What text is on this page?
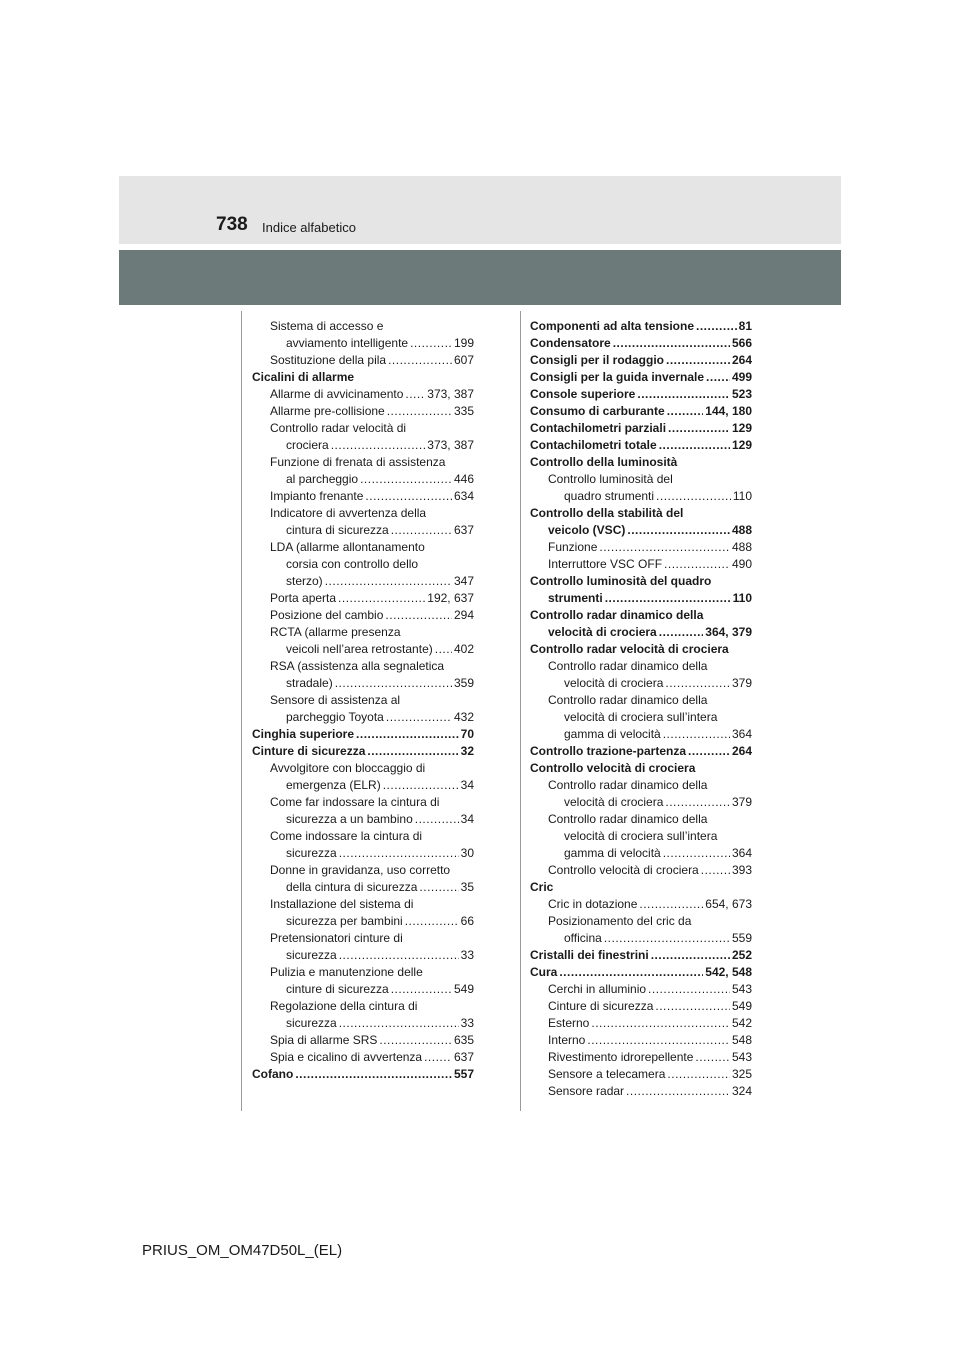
738 Indice alfabetico
Sistema di accesso e
avviamento intelligente .....	199
Sostituzione della pila .....	607
Cicalini di allarme
Allarme di avvicinamento ..... 373, 387
Allarme pre-collisione .....	335
Controllo radar velocità di
crociera .....	373, 387
Funzione di frenata di assistenza
al parcheggio .....	446
Impianto frenante .....	634
Indicatore di avvertenza della
cintura di sicurezza .....	637
LDA (allarme allontanamento
corsia con controllo dello
sterzo) .....	347
Porta aperta .....	192, 637
Posizione del cambio .....	294
RCTA (allarme presenza
veicoli nell’area retrostante) ..... 402
RSA (assistenza alla segnaletica
stradale) .....	359
Sensore di assistenza al
parcheggio Toyota .....	432
Cinghia superiore .....	70
Cinture di sicurezza .....	32
Avvolgitore con bloccaggio di
emergenza (ELR) .....	34
Come far indossare la cintura di
sicurezza a un bambino .....	34
Come indossare la cintura di
sicurezza .....	30
Donne in gravidanza, uso corretto
della cintura di sicurezza .....	35
Installazione del sistema di
sicurezza per bambini .....	66
Pretensionatori cinture di
sicurezza .....	33
Pulizia e manutenzione delle
cinture di sicurezza .....	549
Regolazione della cintura di
sicurezza .....	33
Spia di allarme SRS .....	635
Spia e cicalino di avvertenza .....	637
Cofano .....	557
Componenti ad alta tensione .....	81
Condensatore .....	566
Consigli per il rodaggio .....	264
Consigli per la guida invernale ..... 499
Console superiore .....	523
Consumo di carburante .....	144, 180
Contachilometri parziali .....	129
Contachilometri totale .....	129
Controllo della luminosità
Controllo luminosità del
quadro strumenti .....	110
Controllo della stabilità del
veicolo (VSC) .....	488
Funzione .....	488
Interruttore VSC OFF .....	490
Controllo luminosità del quadro
strumenti .....	110
Controllo radar dinamico della
velocità di crociera .....	364, 379
Controllo radar velocità di crociera
Controllo radar dinamico della
velocità di crociera .....	379
Controllo radar dinamico della
velocità di crociera sull’intera
gamma di velocità .....	364
Controllo trazione-partenza .....	264
Controllo velocità di crociera
Controllo radar dinamico della
velocità di crociera .....	379
Controllo radar dinamico della
velocità di crociera sull’intera
gamma di velocità .....	364
Controllo velocità di crociera .....	393
Cric
Cric in dotazione .....	654, 673
Posizionamento del cric da
officina .....	559
Cristalli dei finestrini .....	252
Cura .....	542, 548
Cerchi in alluminio .....	543
Cinture di sicurezza .....	549
Esterno .....	542
Interno .....	548
Rivestimento idrorepellente .....	543
Sensore a telecamera .....	325
Sensore radar .....	324
PRIUS_OM_OM47D50L_(EL)
